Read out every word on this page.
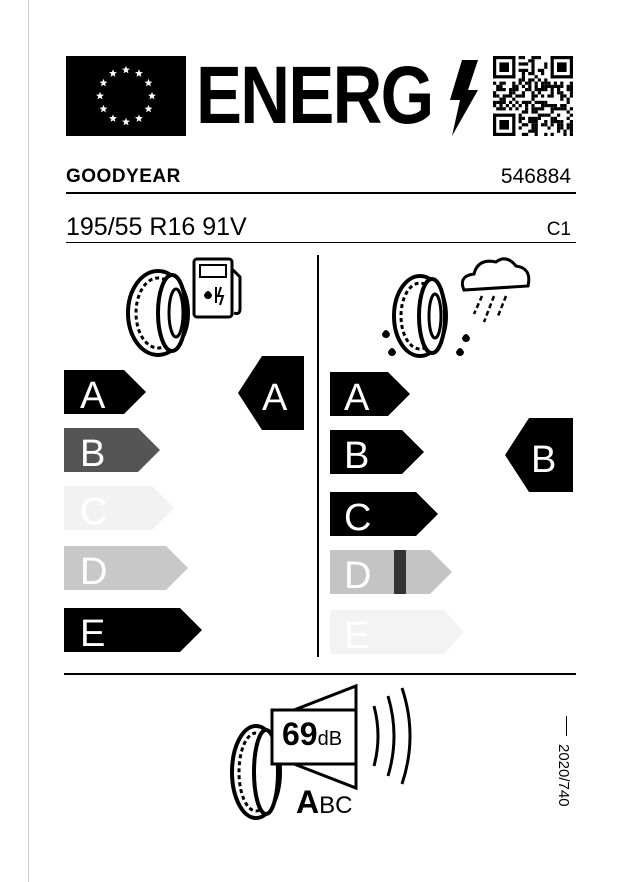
ENERG
GOODYEAR	546884
195/55 R16 91V	C1
A
B
C
D
E
A A
B
C
D
E
B
69dB
ABC	2020/740
